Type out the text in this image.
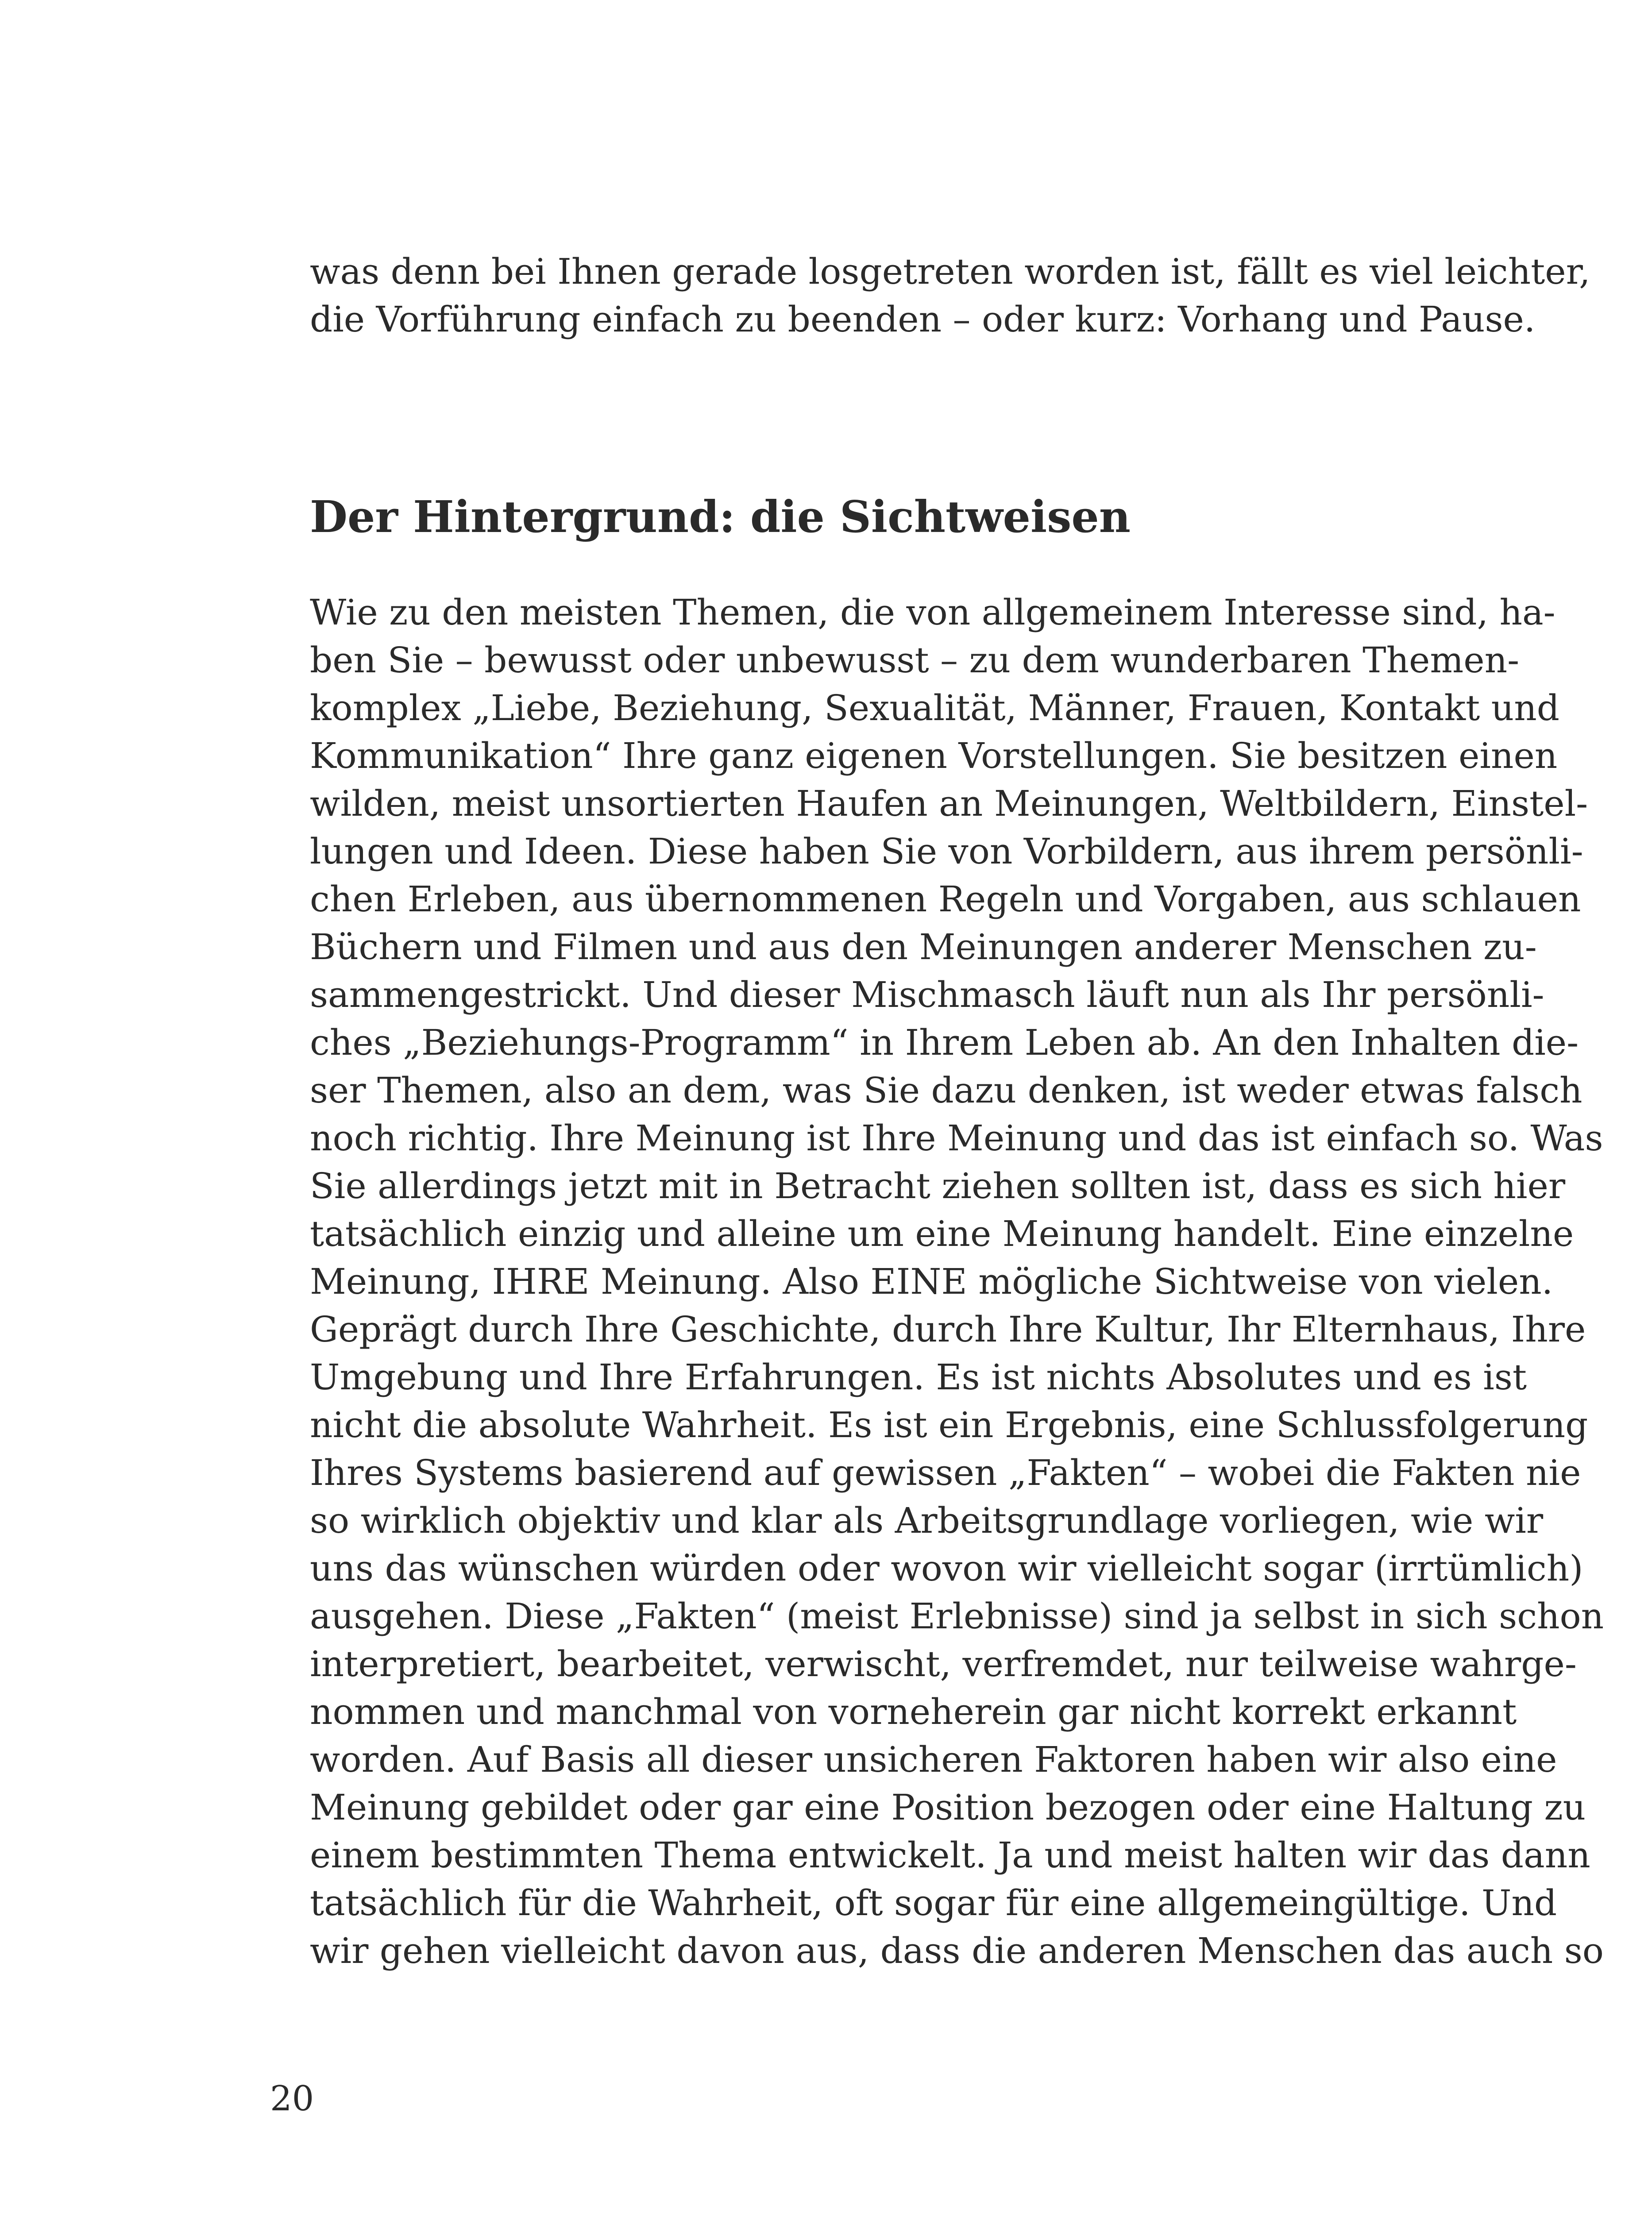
was denn bei Ihnen gerade losgetreten worden ist, fällt es viel leichter,
die Vorführung einfach zu beenden – oder kurz: Vorhang und Pause.
Der Hintergrund: die Sichtweisen
Wie zu den meisten Themen, die von allgemeinem Interesse sind, ha-
ben Sie – bewusst oder unbewusst – zu dem wunderbaren Themen-
komplex „Liebe, Beziehung, Sexualität, Männer, Frauen, Kontakt und
Kommunikation“ Ihre ganz eigenen Vorstellungen. Sie besitzen einen
wilden, meist unsortierten Haufen an Meinungen, Weltbildern, Einstel-
lungen und Ideen. Diese haben Sie von Vorbildern, aus ihrem persönli-
chen Erleben, aus übernommenen Regeln und Vorgaben, aus schlauen
Büchern und Filmen und aus den Meinungen anderer Menschen zu-
sammengestrickt. Und dieser Mischmasch läuft nun als Ihr persönli-
ches „Beziehungs-Programm“ in Ihrem Leben ab. An den Inhalten die-
ser Themen, also an dem, was Sie dazu denken, ist weder etwas falsch
noch richtig. Ihre Meinung ist Ihre Meinung und das ist einfach so. Was
Sie allerdings jetzt mit in Betracht ziehen sollten ist, dass es sich hier
tatsächlich einzig und alleine um eine Meinung handelt. Eine einzelne
Meinung, IHRE Meinung. Also EINE mögliche Sichtweise von vielen.
Geprägt durch Ihre Geschichte, durch Ihre Kultur, Ihr Elternhaus, Ihre
Umgebung und Ihre Erfahrungen. Es ist nichts Absolutes und es ist
nicht die absolute Wahrheit. Es ist ein Ergebnis, eine Schlussfolgerung
Ihres Systems basierend auf gewissen „Fakten“ – wobei die Fakten nie
so wirklich objektiv und klar als Arbeitsgrundlage vorliegen, wie wir
uns das wünschen würden oder wovon wir vielleicht sogar (irrtümlich)
ausgehen. Diese „Fakten“ (meist Erlebnisse) sind ja selbst in sich schon
interpretiert, bearbeitet, verwischt, verfremdet, nur teilweise wahrge-
nommen und manchmal von vorneherein gar nicht korrekt erkannt
worden. Auf Basis all dieser unsicheren Faktoren haben wir also eine
Meinung gebildet oder gar eine Position bezogen oder eine Haltung zu
einem bestimmten Thema entwickelt. Ja und meist halten wir das dann
tatsächlich für die Wahrheit, oft sogar für eine allgemeingültige. Und
wir gehen vielleicht davon aus, dass die anderen Menschen das auch so
20
